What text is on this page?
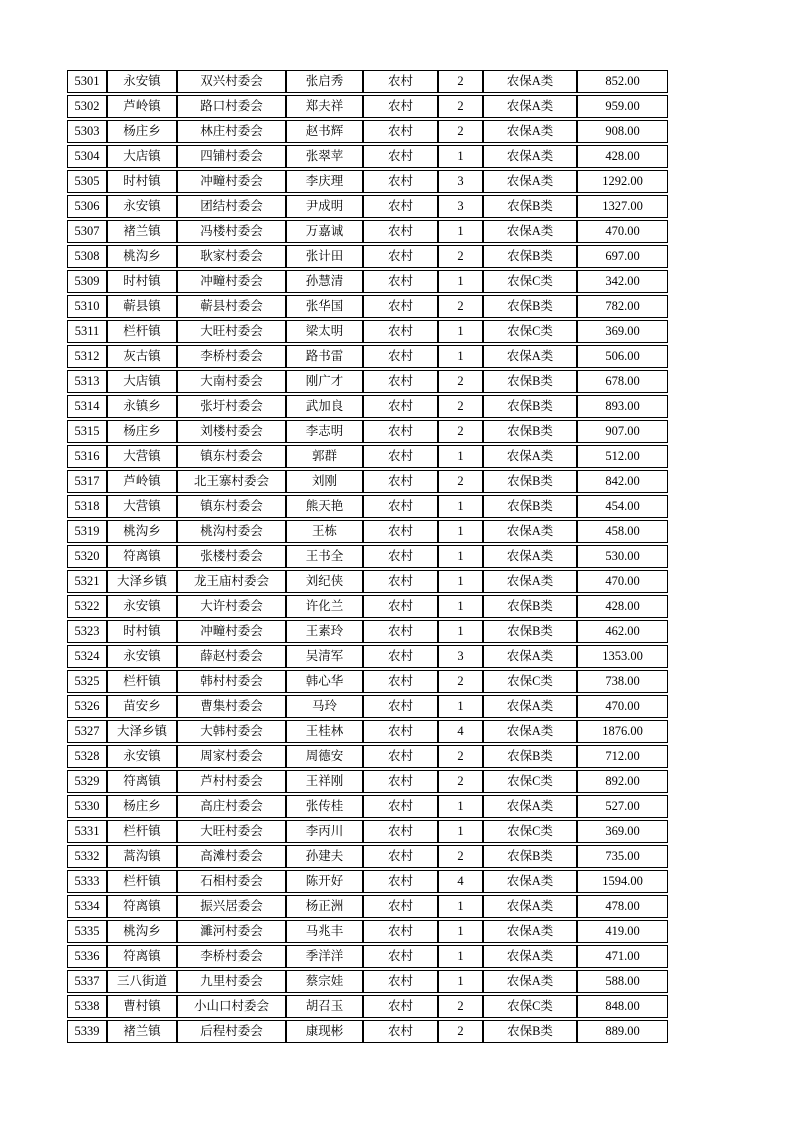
5301	永安镇	双兴村委会	张启秀	农村	2	农保A类	852.00
5302	芦岭镇	路口村委会	郑夫祥	农村	2	农保A类	959.00
5303	杨庄乡	林庄村委会	赵书辉	农村	2	农保A类	908.00
5304	大店镇	四铺村委会	张翠苹	农村	1	农保A类	428.00
5305	时村镇	冲疃村委会	李庆理	农村	3	农保A类	1292.00
5306	永安镇	团结村委会	尹成明	农村	3	农保B类	1327.00
5307	褚兰镇	冯楼村委会	万嘉诚	农村	1	农保A类	470.00
5308	桃沟乡	耿家村委会	张计田	农村	2	农保B类	697.00
5309	时村镇	冲疃村委会	孙慧清	农村	1	农保C类	342.00
5310	蕲县镇	蕲县村委会	张华国	农村	2	农保B类	782.00
5311	栏杆镇	大旺村委会	梁太明	农村	1	农保C类	369.00
5312	灰古镇	李桥村委会	路书雷	农村	1	农保A类	506.00
5313	大店镇	大南村委会	刚广才	农村	2	农保B类	678.00
5314	永镇乡	张圩村委会	武加良	农村	2	农保B类	893.00
5315	杨庄乡	刘楼村委会	李志明	农村	2	农保B类	907.00
5316	大营镇	镇东村委会	郭群	农村	1	农保A类	512.00
5317	芦岭镇	北王寨村委会	刘刚	农村	2	农保B类	842.00
5318	大营镇	镇东村委会	熊天艳	农村	1	农保B类	454.00
5319	桃沟乡	桃沟村委会	王栋	农村	1	农保A类	458.00
5320	符离镇	张楼村委会	王书全	农村	1	农保A类	530.00
5321	大泽乡镇	龙王庙村委会	刘纪侠	农村	1	农保A类	470.00
5322	永安镇	大许村委会	许化兰	农村	1	农保B类	428.00
5323	时村镇	冲疃村委会	王素玲	农村	1	农保B类	462.00
5324	永安镇	薛赵村委会	吴清军	农村	3	农保A类	1353.00
5325	栏杆镇	韩村村委会	韩心华	农村	2	农保C类	738.00
5326	苗安乡	曹集村委会	马玲	农村	1	农保A类	470.00
5327	大泽乡镇	大韩村委会	王桂林	农村	4	农保A类	1876.00
5328	永安镇	周家村委会	周德安	农村	2	农保B类	712.00
5329	符离镇	芦村村委会	王祥刚	农村	2	农保C类	892.00
5330	杨庄乡	高庄村委会	张传桂	农村	1	农保A类	527.00
5331	栏杆镇	大旺村委会	李丙川	农村	1	农保C类	369.00
5332	蒿沟镇	高滩村委会	孙建夫	农村	2	农保B类	735.00
5333	栏杆镇	石相村委会	陈开好	农村	4	农保A类	1594.00
5334	符离镇	振兴居委会	杨正洲	农村	1	农保A类	478.00
5335	桃沟乡	濉河村委会	马兆丰	农村	1	农保A类	419.00
5336	符离镇	李桥村委会	季洋洋	农村	1	农保A类	471.00
5337	三八街道	九里村委会	蔡宗娃	农村	1	农保A类	588.00
5338	曹村镇	小山口村委会	胡召玉	农村	2	农保C类	848.00
5339	褚兰镇	后程村委会	康现彬	农村	2	农保B类	889.00
